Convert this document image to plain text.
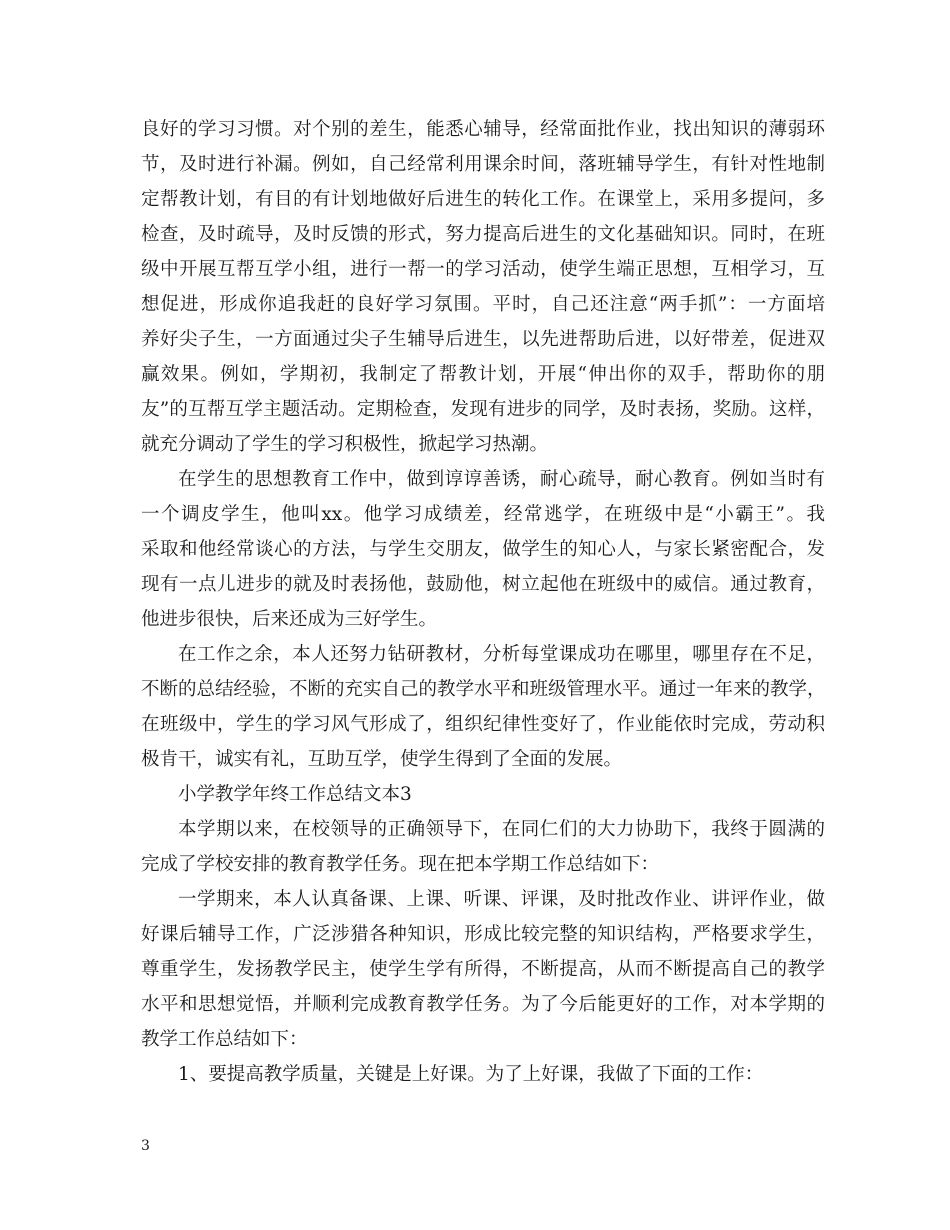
良好的学习习惯。对个别的差生，能悉心辅导，经常面批作业，找出知识的薄弱环
节，及时进行补漏。例如，自己经常利用课余时间，落班辅导学生，有针对性地制
定帮教计划，有目的有计划地做好后进生的转化工作。在课堂上，采用多提问，多
检查，及时疏导，及时反馈的形式，努力提高后进生的文化基础知识。同时，在班
级中开展互帮互学小组，进行一帮一的学习活动，使学生端正思想，互相学习，互
想促进，形成你追我赶的良好学习氛围。平时，自己还注意“两手抓”：一方面培
养好尖子生，一方面通过尖子生辅导后进生，以先进帮助后进，以好带差，促进双
赢效果。例如，学期初，我制定了帮教计划，开展“伸出你的双手，帮助你的朋
友”的互帮互学主题活动。定期检查，发现有进步的同学，及时表扬，奖励。这样，
就充分调动了学生的学习积极性，掀起学习热潮。
在学生的思想教育工作中，做到谆谆善诱，耐心疏导，耐心教育。例如当时有
一个调皮学生，他叫xx。他学习成绩差，经常逃学，在班级中是“小霸王”。我
采取和他经常谈心的方法，与学生交朋友，做学生的知心人，与家长紧密配合，发
现有一点儿进步的就及时表扬他，鼓励他，树立起他在班级中的威信。通过教育，
他进步很快，后来还成为三好学生。
在工作之余，本人还努力钻研教材，分析每堂课成功在哪里，哪里存在不足，
不断的总结经验，不断的充实自己的教学水平和班级管理水平。通过一年来的教学，
在班级中，学生的学习风气形成了，组织纪律性变好了，作业能依时完成，劳动积
极肯干，诚实有礼，互助互学，使学生得到了全面的发展。
小学教学年终工作总结文本3
本学期以来，在校领导的正确领导下，在同仁们的大力协助下，我终于圆满的
完成了学校安排的教育教学任务。现在把本学期工作总结如下：
一学期来，本人认真备课、上课、听课、评课，及时批改作业、讲评作业，做
好课后辅导工作，广泛涉猎各种知识，形成比较完整的知识结构，严格要求学生，
尊重学生，发扬教学民主，使学生学有所得，不断提高，从而不断提高自己的教学
水平和思想觉悟，并顺利完成教育教学任务。为了今后能更好的工作，对本学期的
教学工作总结如下：
1、要提高教学质量，关键是上好课。为了上好课，我做了下面的工作：
3
